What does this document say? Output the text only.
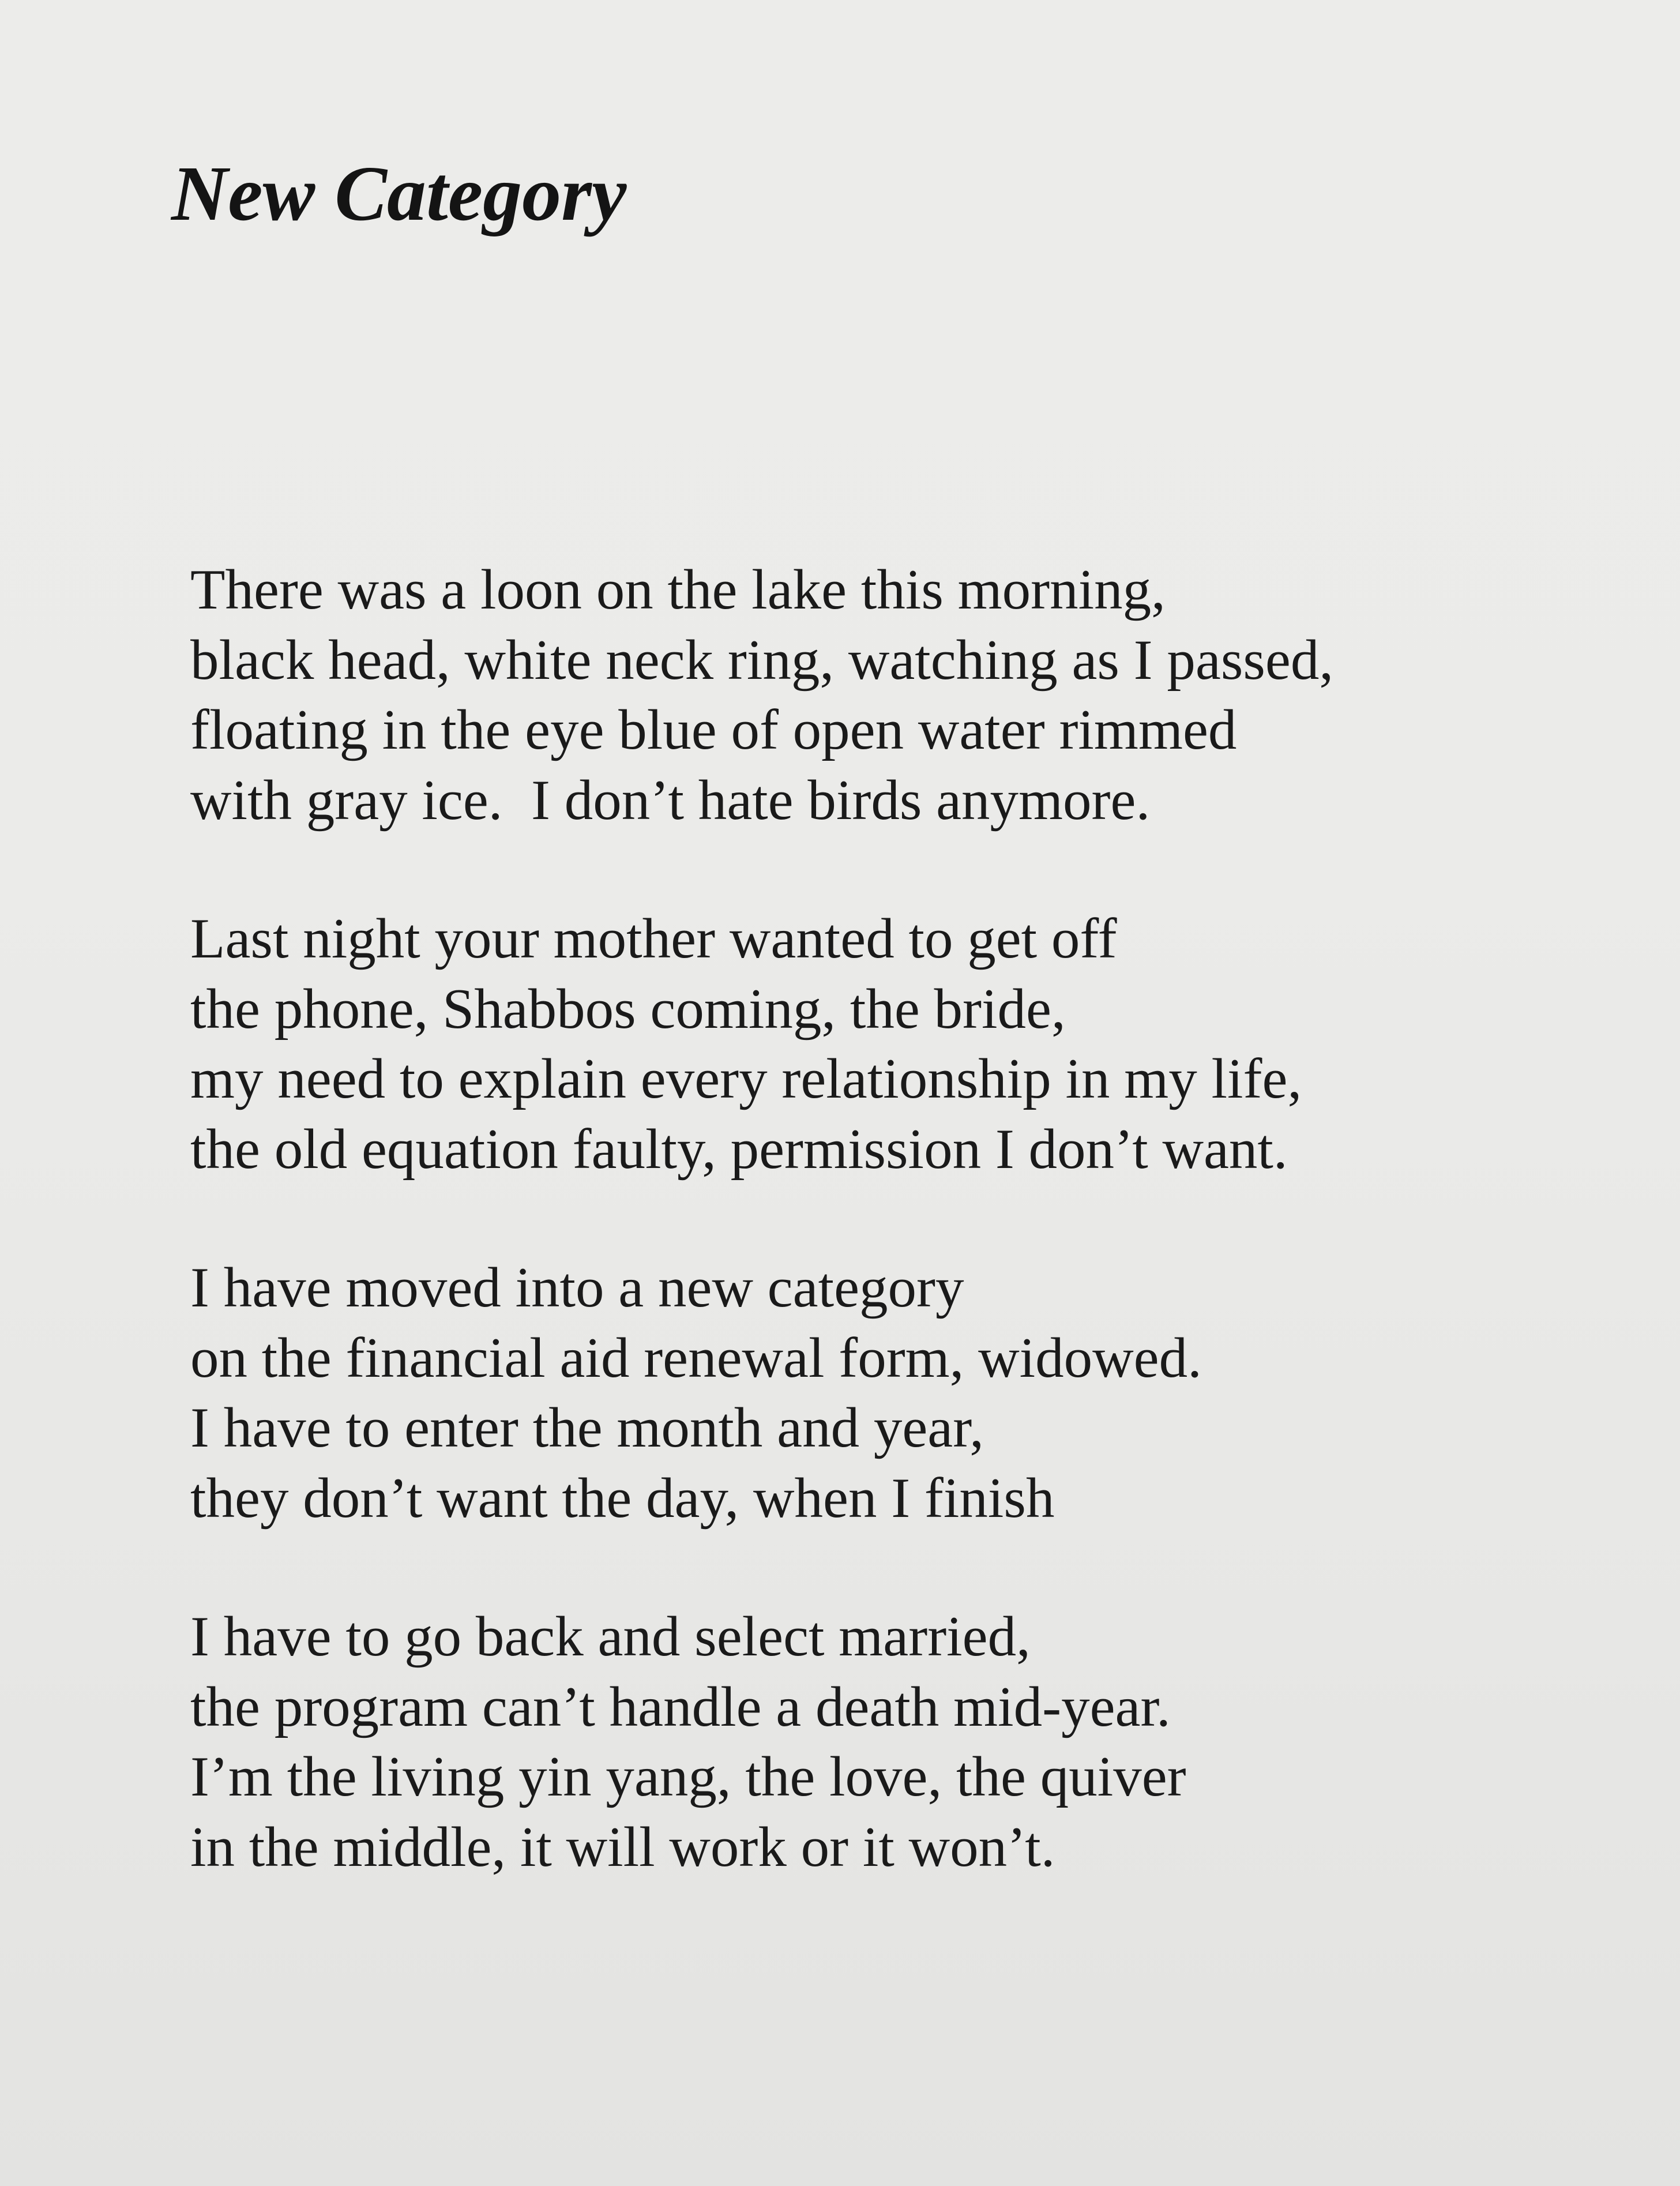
New Category
There was a loon on the lake this morning,
black head, white neck ring, watching as I passed,
floating in the eye blue of open water rimmed
with gray ice.  I don’t hate birds anymore.
Last night your mother wanted to get off
the phone, Shabbos coming, the bride,
my need to explain every relationship in my life,
the old equation faulty, permission I don’t want.
I have moved into a new category
on the financial aid renewal form, widowed.
I have to enter the month and year,
they don’t want the day, when I finish
I have to go back and select married,
the program can’t handle a death mid-year.
I’m the living yin yang, the love, the quiver
in the middle, it will work or it won’t.
